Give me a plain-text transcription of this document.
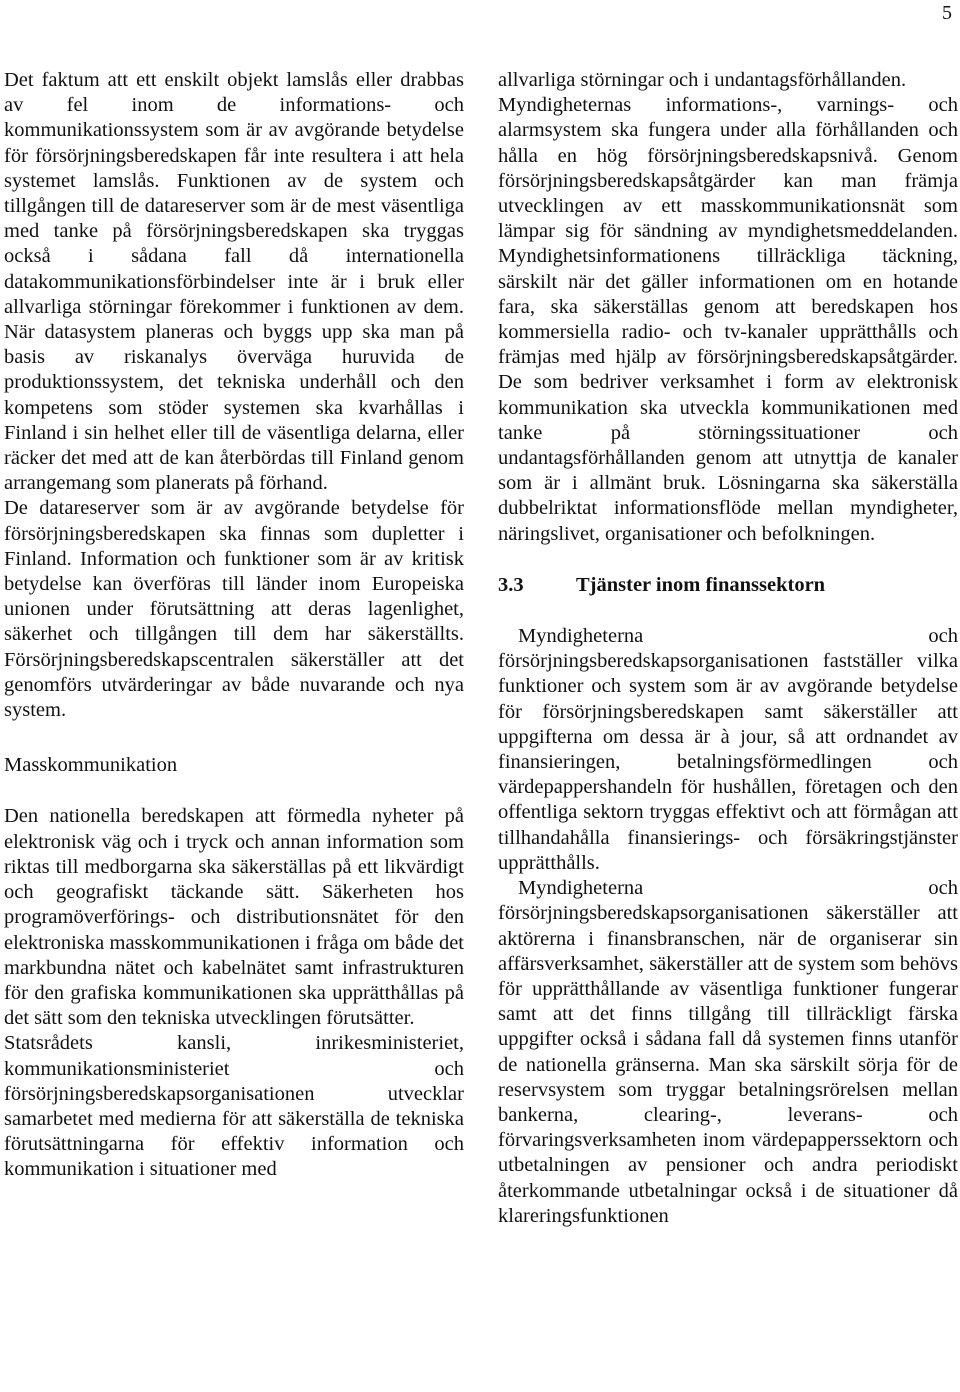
5

Det faktum att ett enskilt objekt lamslås eller drabbas av fel inom de informations- och kommunikationssystem som är av avgörande betydelse för försörjningsberedskapen får inte resultera i att hela systemet lamslås. Funktionen av de system och tillgången till de datareserver som är de mest väsentliga med tanke på försörjningsberedskapen ska tryggas också i sådana fall då internationella datakommunikationsförbindelser inte är i bruk eller allvarliga störningar förekommer i funktionen av dem. När datasystem planeras och byggs upp ska man på basis av riskanalys överväga huruvida de produktionssystem, det tekniska underhåll och den kompetens som stöder systemen ska kvarhållas i Finland i sin helhet eller till de väsentliga delarna, eller räcker det med att de kan återbördas till Finland genom arrangemang som planerats på förhand.

De datareserver som är av avgörande betydelse för försörjningsberedskapen ska finnas som dupletter i Finland. Information och funktioner som är av kritisk betydelse kan överföras till länder inom Europeiska unionen under förutsättning att deras lagenlighet, säkerhet och tillgången till dem har säkerställts. Försörjningsberedskapscentralen säkerställer att det genomförs utvärderingar av både nuvarande och nya system.

Masskommunikation

Den nationella beredskapen att förmedla nyheter på elektronisk väg och i tryck och annan information som riktas till medborgarna ska säkerställas på ett likvärdigt och geografiskt täckande sätt. Säkerheten hos programöverförings- och distributionsnätet för den elektroniska masskommunikationen i fråga om både det markbundna nätet och kabelnätet samt infrastrukturen för den grafiska kommunikationen ska upprätthållas på det sätt som den tekniska utvecklingen förutsätter.

Statsrådets kansli, inrikesministeriet, kommunikationsministeriet och försörjningsberedskapsorganisationen utvecklar samarbetet med medierna för att säkerställa de tekniska förutsättningarna för effektiv information och kommunikation i situationer med

allvarliga störningar och i undantagsförhållanden.

Myndigheternas informations-, varnings- och alarmsystem ska fungera under alla förhållanden och hålla en hög försörjningsberedskapsnivå. Genom försörjningsberedskapsåtgärder kan man främja utvecklingen av ett masskommunikationsnät som lämpar sig för sändning av myndighetsmeddelanden. Myndighetsinformationens tillräckliga täckning, särskilt när det gäller informationen om en hotande fara, ska säkerställas genom att beredskapen hos kommersiella radio- och tv-kanaler upprätthålls och främjas med hjälp av försörjningsberedskapsåtgärder. De som bedriver verksamhet i form av elektronisk kommunikation ska utveckla kommunikationen med tanke på störningssituationer och undantagsförhållanden genom att utnyttja de kanaler som är i allmänt bruk. Lösningarna ska säkerställa dubbelriktat informationsflöde mellan myndigheter, näringslivet, organisationer och befolkningen.

3.3	Tjänster inom finanssektorn

Myndigheterna och försörjningsberedskapsorganisationen fastställer vilka funktioner och system som är av avgörande betydelse för försörjningsberedskapen samt säkerställer att uppgifterna om dessa är à jour, så att ordnandet av finansieringen, betalningsförmedlingen och värdepappershandeln för hushållen, företagen och den offentliga sektorn tryggas effektivt och att förmågan att tillhandahålla finansierings- och försäkringstjänster upprätthålls.

Myndigheterna och försörjningsberedskapsorganisationen säkerställer att aktörerna i finansbranschen, när de organiserar sin affärsverksamhet, säkerställer att de system som behövs för upprätthållande av väsentliga funktioner fungerar samt att det finns tillgång till tillräckligt färska uppgifter också i sådana fall då systemen finns utanför de nationella gränserna. Man ska särskilt sörja för de reservsystem som tryggar betalningsrörelsen mellan bankerna, clearing-, leverans- och förvaringsverksamheten inom värdepapperssektorn och utbetalningen av pensioner och andra periodiskt återkommande utbetalningar också i de situationer då klareringsfunktionen
